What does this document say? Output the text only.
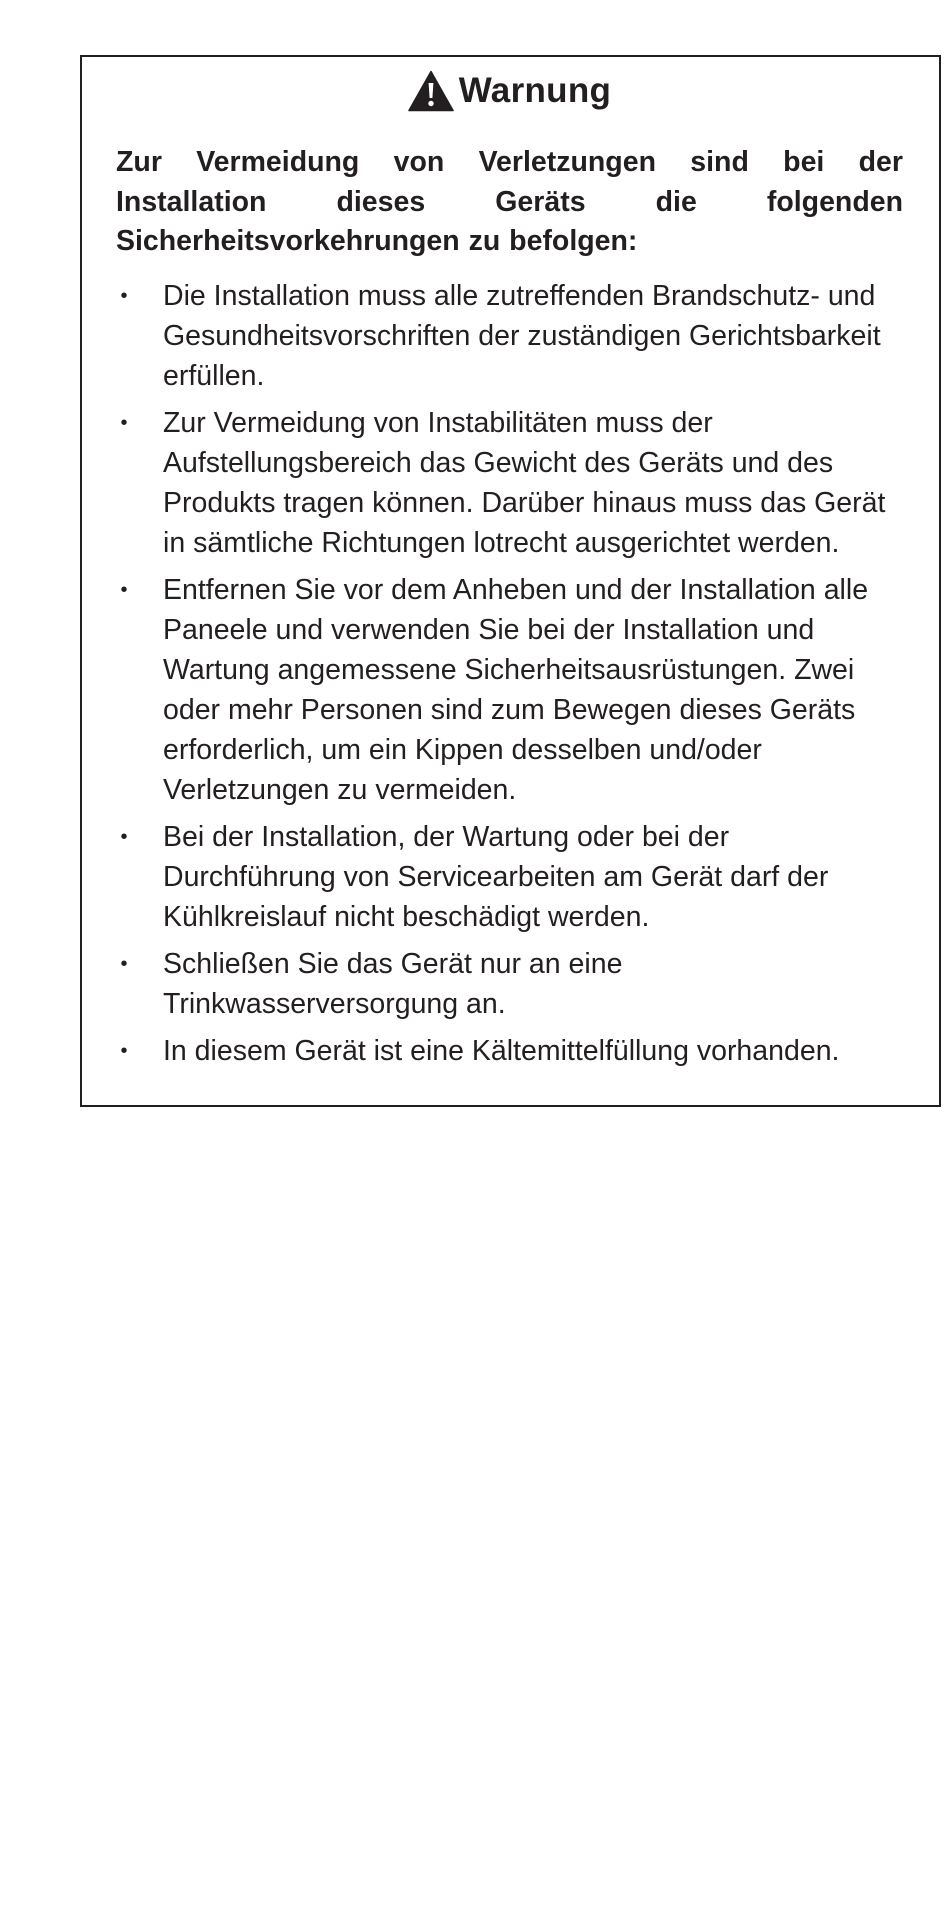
Warnung

Zur Vermeidung von Verletzungen sind bei der Installation dieses Geräts die folgenden Sicherheitsvorkehrungen zu befolgen:

• Die Installation muss alle zutreffenden Brandschutz- und Gesundheitsvorschriften der zuständigen Gerichtsbarkeit erfüllen.
• Zur Vermeidung von Instabilitäten muss der Aufstellungsbereich das Gewicht des Geräts und des Produkts tragen können. Darüber hinaus muss das Gerät in sämtliche Richtungen lotrecht ausgerichtet werden.
• Entfernen Sie vor dem Anheben und der Installation alle Paneele und verwenden Sie bei der Installation und Wartung angemessene Sicherheitsausrüstungen. Zwei oder mehr Personen sind zum Bewegen dieses Geräts erforderlich, um ein Kippen desselben und/oder Verletzungen zu vermeiden.
• Bei der Installation, der Wartung oder bei der Durchführung von Servicearbeiten am Gerät darf der Kühlkreislauf nicht beschädigt werden.
• Schließen Sie das Gerät nur an eine Trinkwasserversorgung an.
• In diesem Gerät ist eine Kältemittelfüllung vorhanden.
